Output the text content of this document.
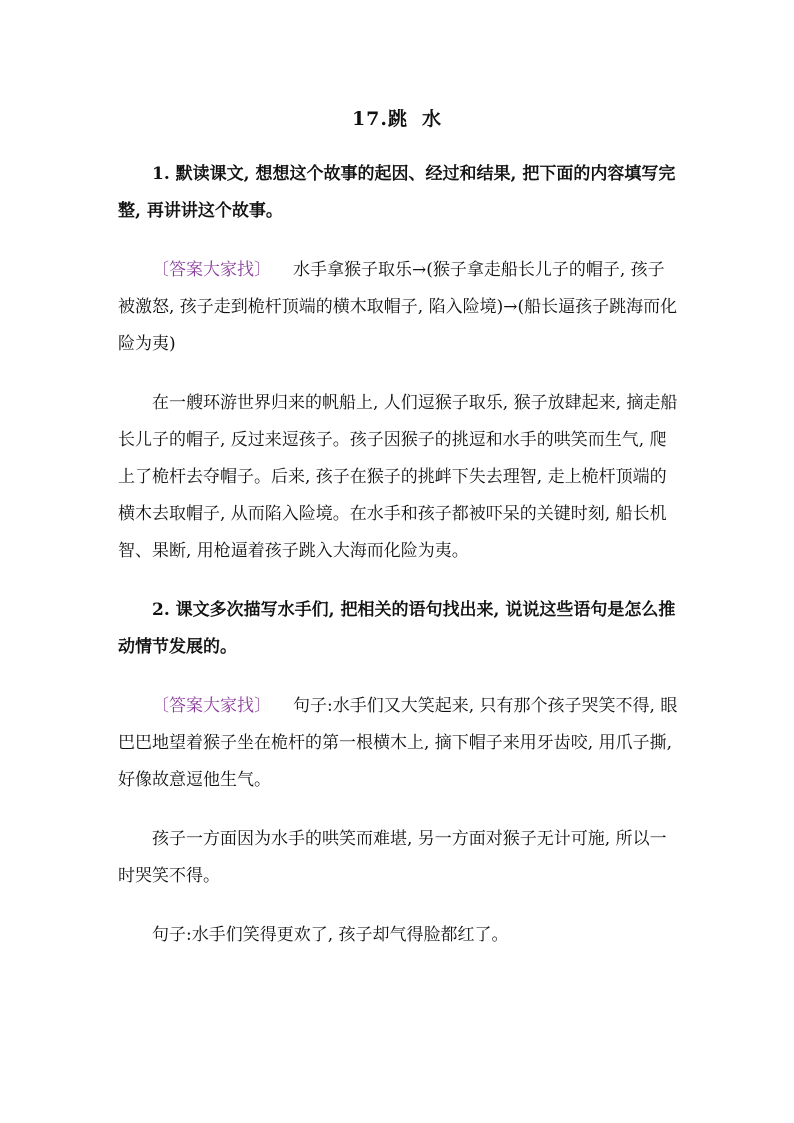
17.跳 水

1. 默读课文, 想想这个故事的起因、经过和结果, 把下面的内容填写完整, 再讲讲这个故事。

〔答案大家找〕 水手拿猴子取乐→(猴子拿走船长儿子的帽子, 孩子被激怒, 孩子走到桅杆顶端的横木取帽子, 陷入险境)→(船长逼孩子跳海而化险为夷)

在一艘环游世界归来的帆船上, 人们逗猴子取乐, 猴子放肆起来, 摘走船长儿子的帽子, 反过来逗孩子。孩子因猴子的挑逗和水手的哄笑而生气, 爬上了桅杆去夺帽子。后来, 孩子在猴子的挑衅下失去理智, 走上桅杆顶端的横木去取帽子, 从而陷入险境。在水手和孩子都被吓呆的关键时刻, 船长机智、果断, 用枪逼着孩子跳入大海而化险为夷。

2. 课文多次描写水手们, 把相关的语句找出来, 说说这些语句是怎么推动情节发展的。

〔答案大家找〕 句子:水手们又大笑起来, 只有那个孩子哭笑不得, 眼巴巴地望着猴子坐在桅杆的第一根横木上, 摘下帽子来用牙齿咬, 用爪子撕, 好像故意逗他生气。

孩子一方面因为水手的哄笑而难堪, 另一方面对猴子无计可施, 所以一时哭笑不得。

句子:水手们笑得更欢了, 孩子却气得脸都红了。
